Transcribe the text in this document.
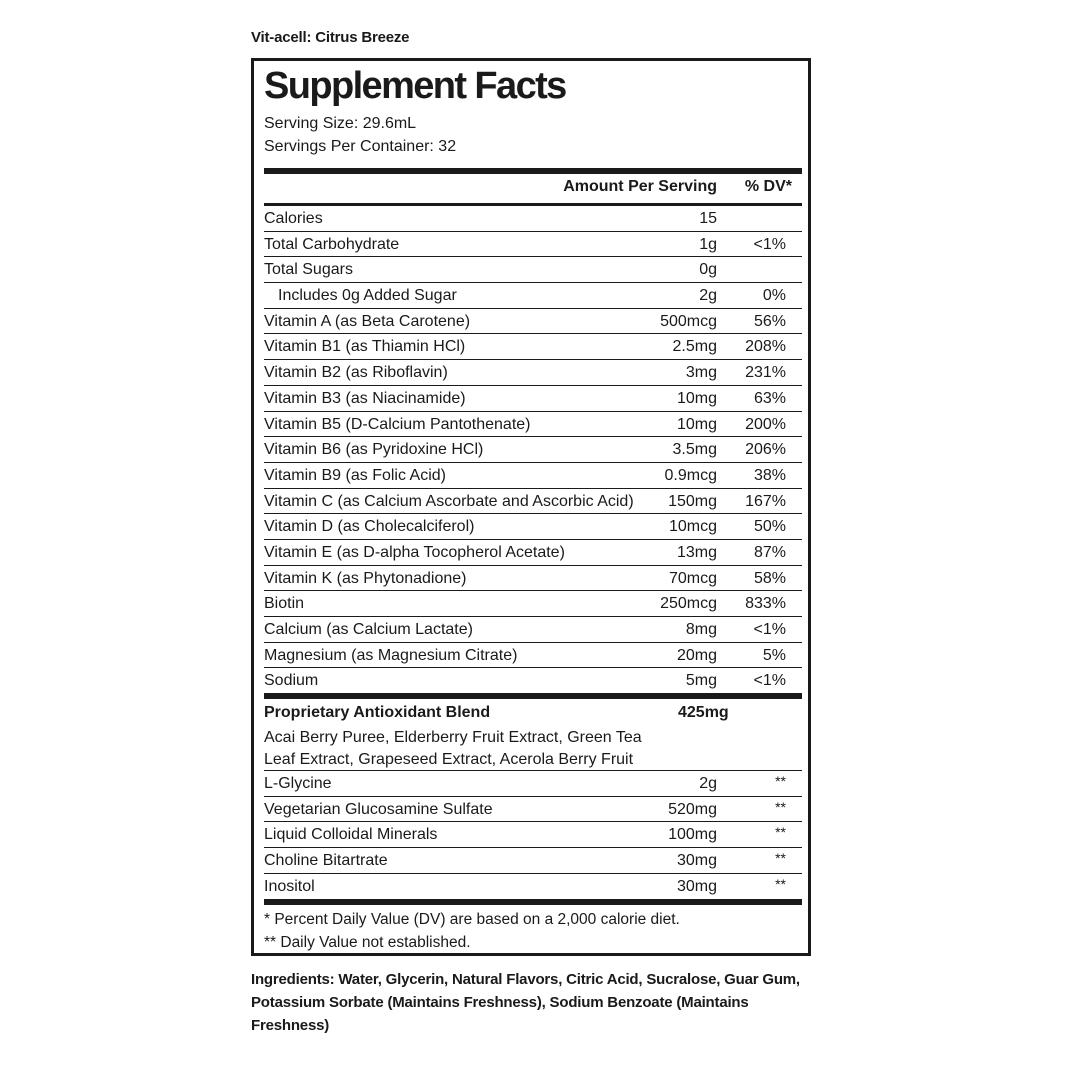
Vit-acell: Citrus Breeze
Supplement Facts
Serving Size: 29.6mL
Servings Per Container: 32
Amount Per Serving % DV*
Calories	15
Total Carbohydrate	1g <1%
Total Sugars	0g
Includes 0g Added Sugar	2g	0%
Vitamin A (as Beta Carotene)	500mcg 56%
Vitamin B1 (as Thiamin HCl)	2.5mg 208%
Vitamin B2 (as Riboflavin)	3mg 231%
Vitamin B3 (as Niacinamide)	10mg 63%
Vitamin B5 (D-Calcium Pantothenate)	10mg 200%
Vitamin B6 (as Pyridoxine HCl)	3.5mg 206%
Vitamin B9 (as Folic Acid)	0.9mcg 38%
Vitamin C (as Calcium Ascorbate and Ascorbic Acid) 150mg 167%
Vitamin D (as Cholecalciferol)	10mcg 50%
Vitamin E (as D-alpha Tocopherol Acetate)	13mg 87%
Vitamin K (as Phytonadione)	70mcg 58%
Biotin	250mcg 833%
Calcium (as Calcium Lactate)	8mg <1%
Magnesium (as Magnesium Citrate)	20mg	5%
Sodium	5mg <1%
Proprietary Antioxidant Blend	425mg
Acai Berry Puree, Elderberry Fruit Extract, Green Tea Leaf Extract, Grapeseed Extract, Acerola Berry Fruit
L-Glycine	2g	**
Vegetarian Glucosamine Sulfate	520mg	**
Liquid Colloidal Minerals	100mg	**
Choline Bitartrate	30mg	**
Inositol	30mg	**
* Percent Daily Value (DV) are based on a 2,000 calorie diet.
** Daily Value not established.
Ingredients: Water, Glycerin, Natural Flavors, Citric Acid, Sucralose, Guar Gum, Potassium Sorbate (Maintains Freshness), Sodium Benzoate (Maintains Freshness)
